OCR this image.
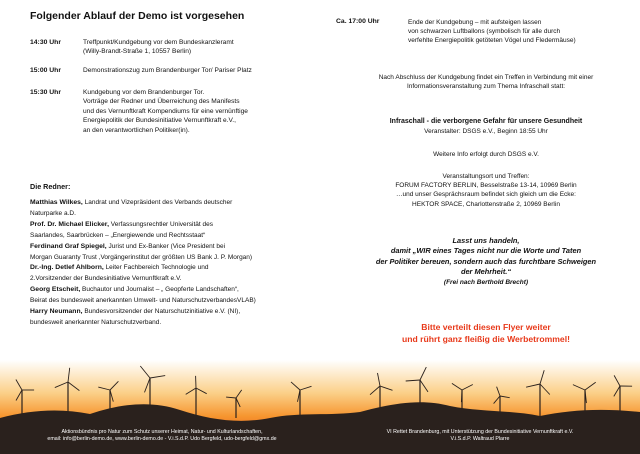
Folgender Ablauf der Demo ist vorgesehen
14:30 Uhr	Treffpunkt/Kundgebung vor dem Bundeskanzleramt
(Willy-Brandt-Straße 1, 10557 Berlin)
15:00 Uhr	Demonstrationszug zum Brandenburger Tor/ Pariser Platz
15:30 Uhr	Kundgebung vor dem Brandenburger Tor.
Vorträge der Redner und Überreichung des Manifests
und des Vernunftkraft Kompendiums für eine vernünftige
Energiepolitik der Bundesinitiative Vernunftkraft e.V.,
an den verantwortlichen Politiker(in).
Die Redner:
Matthias Wilkes, Landrat und Vizepräsident des Verbands deutscher
Naturparke a.D.
Prof. Dr. Michael Elicker, Verfassungsrechtler Universität des
Saarlandes, Saarbrücken – „Energiewende und Rechtsstaat“
Ferdinand Graf Spiegel, Jurist und Ex-Banker (Vice President bei
Morgan Guaranty Trust ,Vorgängerinstitut der größten US Bank J. P. Morgan)
Dr.-Ing. Detlef Ahlborn, Leiter Fachbereich Technologie und
2.Vorsitzender der Bundesinitiative Vernunftkraft e.V.
Georg Etscheit, Buchautor und Journalist – „ Geopferte Landschaften“,
Beirat des bundesweit anerkannten Umwelt- und NaturschutzverbandesVLAB)
Harry Neumann, Bundesvorsitzender der Naturschutzinitiative e.V. (NI),
bundesweit anerkannter Naturschutzverband.
Ca. 17:00 Uhr	Ende der Kundgebung – mit aufsteigen lassen
von schwarzen Luftballons (symbolisch für alle durch
verfehlte Energiepolitik getöteten Vögel und Fledermäuse)
Nach Abschluss der Kundgebung findet ein Treffen in Verbindung mit einer
Informationsveranstaltung zum Thema Infraschall statt:
Infraschall - die verborgene Gefahr für unsere Gesundheit
Veranstalter: DSGS e.V., Beginn 18:55 Uhr
Weitere Info erfolgt durch DSGS e.V.
Veranstaltungsort und Treffen:
FORUM FACTORY BERLIN, Besselstraße 13-14, 10969 Berlin
…und unser Gesprächsraum befindet sich gleich um die Ecke:
HEKTOR SPACE, Charlottenstraße 2, 10969 Berlin
Lasst uns handeln,
damit „WIR eines Tages nicht nur die Worte und Taten
der Politiker bereuen, sondern auch das furchtbare Schweigen
der Mehrheit.“
(Frei nach Berthold Brecht)
Bitte verteilt diesen Flyer weiter
und rührt ganz fleißig die Werbetrommel!
Aktionsbündnis pro Natur zum Schutz unserer Heimat, Natur- und Kulturlandschaften,
email: info@berlin-demo.de, www.berlin-demo.de - V.i.S.d.P. Udo Bergfeld, udo-bergfeld@gmx.de
VI Rettet Brandenburg, mit Unterstützung der Bundesinitiative Vernunftkraft e.V.
V.i.S.d.P. Waltraud Plarre
